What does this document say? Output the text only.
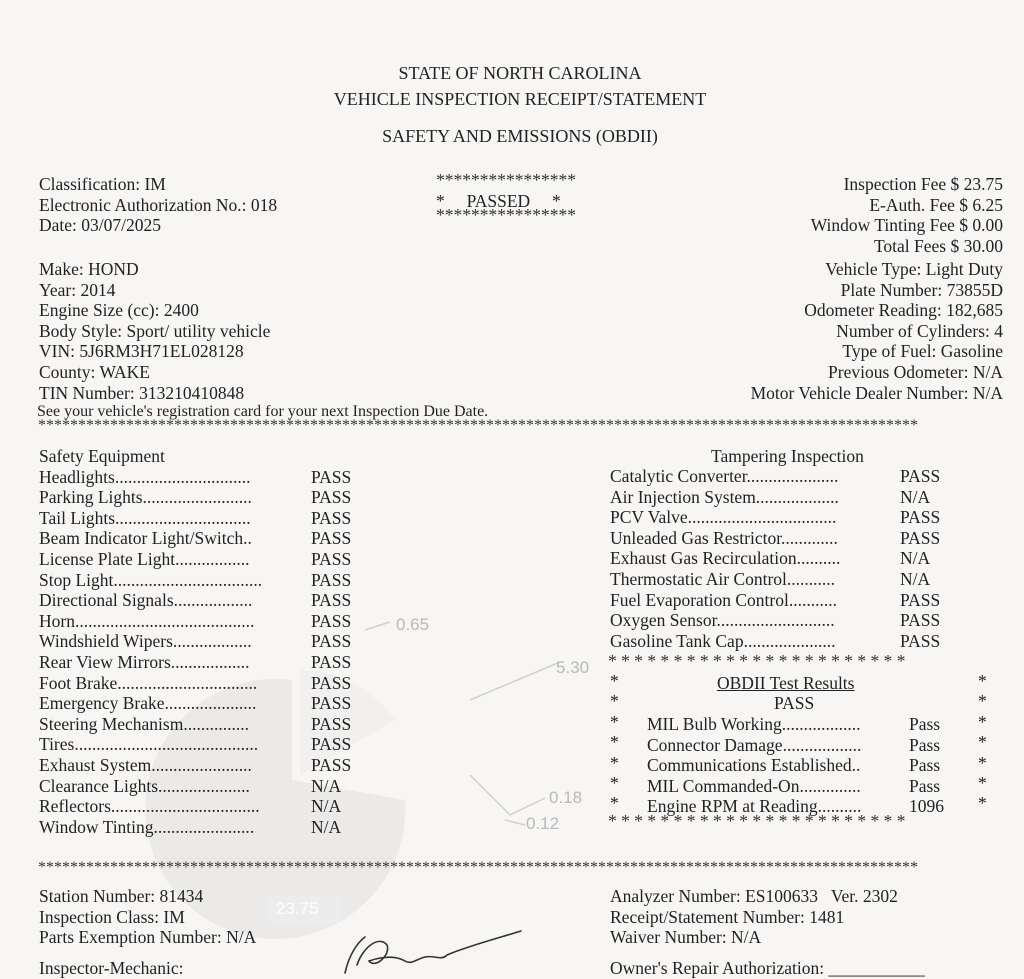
0.65
5.30
0.18
0.12
23.75
STATE OF NORTH CAROLINA
VEHICLE INSPECTION RECEIPT/STATEMENT
SAFETY AND EMISSIONS (OBDII)
Classification: IM
Electronic Authorization No.: 018
Date: 03/07/2025
****************
*     PASSED     *
****************
Inspection Fee $ 23.75
E-Auth. Fee $ 6.25
Window Tinting Fee $ 0.00
Total Fees $ 30.00
Make: HOND
Year: 2014
Engine Size (cc): 2400
Body Style: Sport/ utility vehicle
VIN: 5J6RM3H71EL028128
County: WAKE
TIN Number: 313210410848
Vehicle Type: Light Duty
Plate Number: 73855D
Odometer Reading: 182,685
Number of Cylinders: 4
Type of Fuel: Gasoline
Previous Odometer: N/A
Motor Vehicle Dealer Number: N/A
See your vehicle's registration card for your next Inspection Due Date.
**************************************************************************************************************
Safety Equipment
Headlights...............................	PASS
Parking Lights.........................	PASS
Tail Lights...............................	PASS
Beam Indicator Light/Switch..	PASS
License Plate Light.................	PASS
Stop Light..................................	PASS
Directional Signals..................	PASS
Horn.........................................	PASS
Windshield Wipers..................	PASS
Rear View Mirrors..................	PASS
Foot Brake................................	PASS
Emergency Brake.....................	PASS
Steering Mechanism...............	PASS
Tires..........................................	PASS
Exhaust System.......................	PASS
Clearance Lights.....................	N/A
Reflectors..................................	N/A
Window Tinting.......................	N/A
Tampering Inspection
Catalytic Converter.....................	PASS
Air Injection System...................	N/A
PCV Valve..................................	PASS
Unleaded Gas Restrictor.............	PASS
Exhaust Gas Recirculation..........	N/A
Thermostatic Air Control...........	N/A
Fuel Evaporation Control...........	PASS
Oxygen Sensor...........................	PASS
Gasoline Tank Cap.....................	PASS
* * * * * * * * * * * * * * * * * * * * * * *
OBDII Test Results
PASS
MIL Bulb Working..................	Pass
Connector Damage..................	Pass
Communications Established..	Pass
MIL Commanded-On..............	Pass
Engine RPM at Reading..........	1096
* * * * * * * * * * * * * * * * * * * * * * *
*
*
*
*
*
*
*
*
*
*
*
*
*
*
**************************************************************************************************************
Station Number: 81434
Inspection Class: IM
Parts Exemption Number: N/A
Analyzer Number: ES100633   Ver. 2302
Receipt/Statement Number: 1481
Waiver Number: N/A
Inspector-Mechanic:	Owner's Repair Authorization: ___________
